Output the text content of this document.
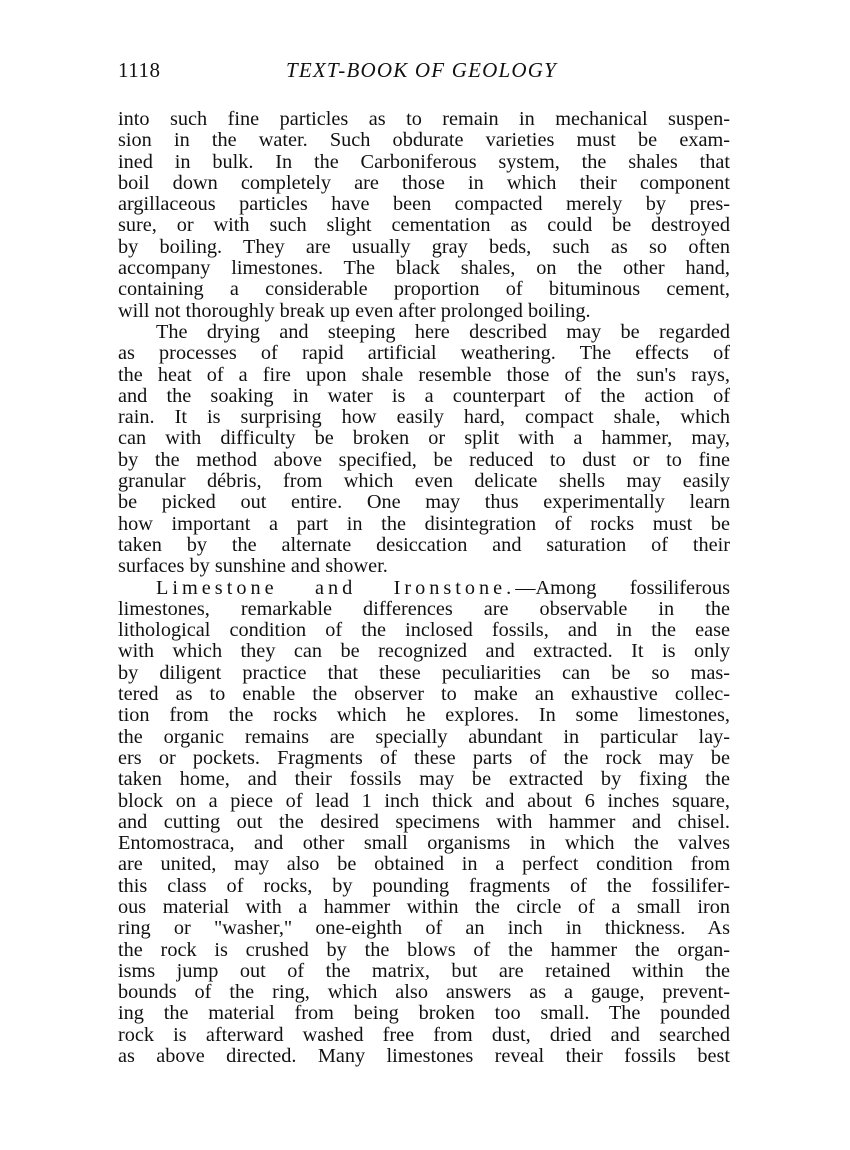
1118	TEXT-BOOK OF GEOLOGY
into such fine particles as to remain in mechanical suspen-
sion in the water. Such obdurate varieties must be exam-
ined in bulk. In the Carboniferous system, the shales that
boil down completely are those in which their component
argillaceous particles have been compacted merely by pres-
sure, or with such slight cementation as could be destroyed
by boiling. They are usually gray beds, such as so often
accompany limestones. The black shales, on the other hand,
containing a considerable proportion of bituminous cement,
will not thoroughly break up even after prolonged boiling.
The drying and steeping here described may be regarded
as processes of rapid artificial weathering. The effects of
the heat of a fire upon shale resemble those of the sun's rays,
and the soaking in water is a counterpart of the action of
rain. It is surprising how easily hard, compact shale, which
can with difficulty be broken or split with a hammer, may,
by the method above specified, be reduced to dust or to fine
granular débris, from which even delicate shells may easily
be picked out entire. One may thus experimentally learn
how important a part in the disintegration of rocks must be
taken by the alternate desiccation and saturation of their
surfaces by sunshine and shower.
Limestone and Ironstone.—Among fossiliferous
limestones, remarkable differences are observable in the
lithological condition of the inclosed fossils, and in the ease
with which they can be recognized and extracted. It is only
by diligent practice that these peculiarities can be so mas-
tered as to enable the observer to make an exhaustive collec-
tion from the rocks which he explores. In some limestones,
the organic remains are specially abundant in particular lay-
ers or pockets. Fragments of these parts of the rock may be
taken home, and their fossils may be extracted by fixing the
block on a piece of lead 1 inch thick and about 6 inches square,
and cutting out the desired specimens with hammer and chisel.
Entomostraca, and other small organisms in which the valves
are united, may also be obtained in a perfect condition from
this class of rocks, by pounding fragments of the fossilifer-
ous material with a hammer within the circle of a small iron
ring or "washer," one-eighth of an inch in thickness. As
the rock is crushed by the blows of the hammer the organ-
isms jump out of the matrix, but are retained within the
bounds of the ring, which also answers as a gauge, prevent-
ing the material from being broken too small. The pounded
rock is afterward washed free from dust, dried and searched
as above directed. Many limestones reveal their fossils best
